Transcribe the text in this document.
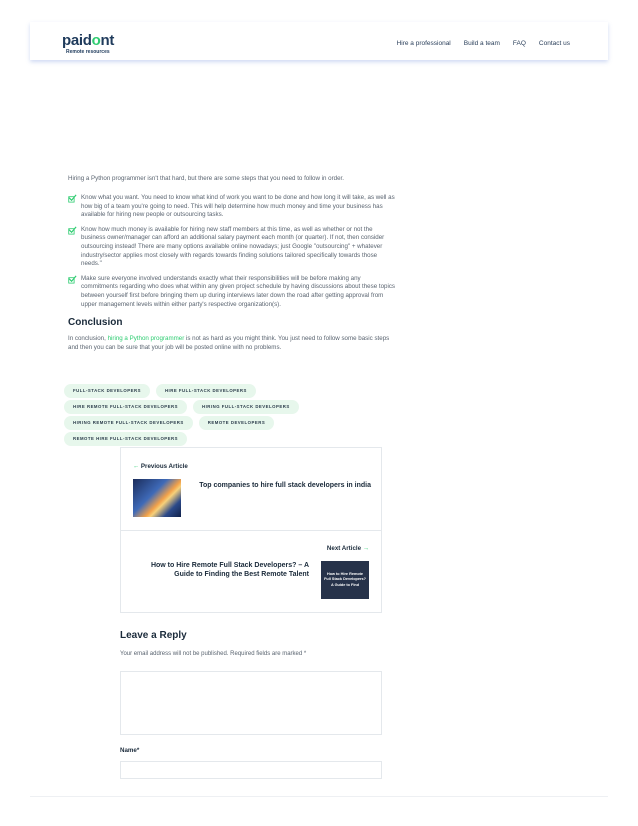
paidont
Remote resources
Hire a professional Build a team FAQ Contact us

Hiring a Python programmer isn't that hard, but there are some steps that you need to follow in order.

Know what you want. You need to know what kind of work you want to be done and how long it will take, as well as how big of a team you're going to need. This will help determine how much money and time your business has available for hiring new people or outsourcing tasks.
Know how much money is available for hiring new staff members at this time, as well as whether or not the business owner/manager can afford an additional salary payment each month (or quarter). If not, then consider outsourcing instead! There are many options available online nowadays; just Google "outsourcing" + whatever industry/sector applies most closely with regards towards finding solutions tailored specifically towards those needs."
Make sure everyone involved understands exactly what their responsibilities will be before making any commitments regarding who does what within any given project schedule by having discussions about these topics between yourself first before bringing them up during interviews later down the road after getting approval from upper management levels within either party's respective organization(s).
Conclusion

In conclusion, hiring a Python programmer is not as hard as you might think. You just need to follow some basic steps and then you can be sure that your job will be posted online with no problems.

FULL-STACK DEVELOPERS	HIRE FULL-STACK DEVELOPERS
HIRE REMOTE FULL-STACK DEVELOPERS	HIRING FULL-STACK DEVELOPERS
HIRING REMOTE FULL-STACK DEVELOPERS	REMOTE DEVELOPERS
REMOTE HIRE FULL-STACK DEVELOPERS
← Previous Article
Top companies to hire full stack developers in india
Next Article →
How to Hire Remote Full Stack Developers? – A Guide to Finding the Best Remote Talent	How to Hire Remote Full Stack Developers? A Guide to Find
Leave a Reply

Your email address will not be published. Required fields are marked *

Name*
